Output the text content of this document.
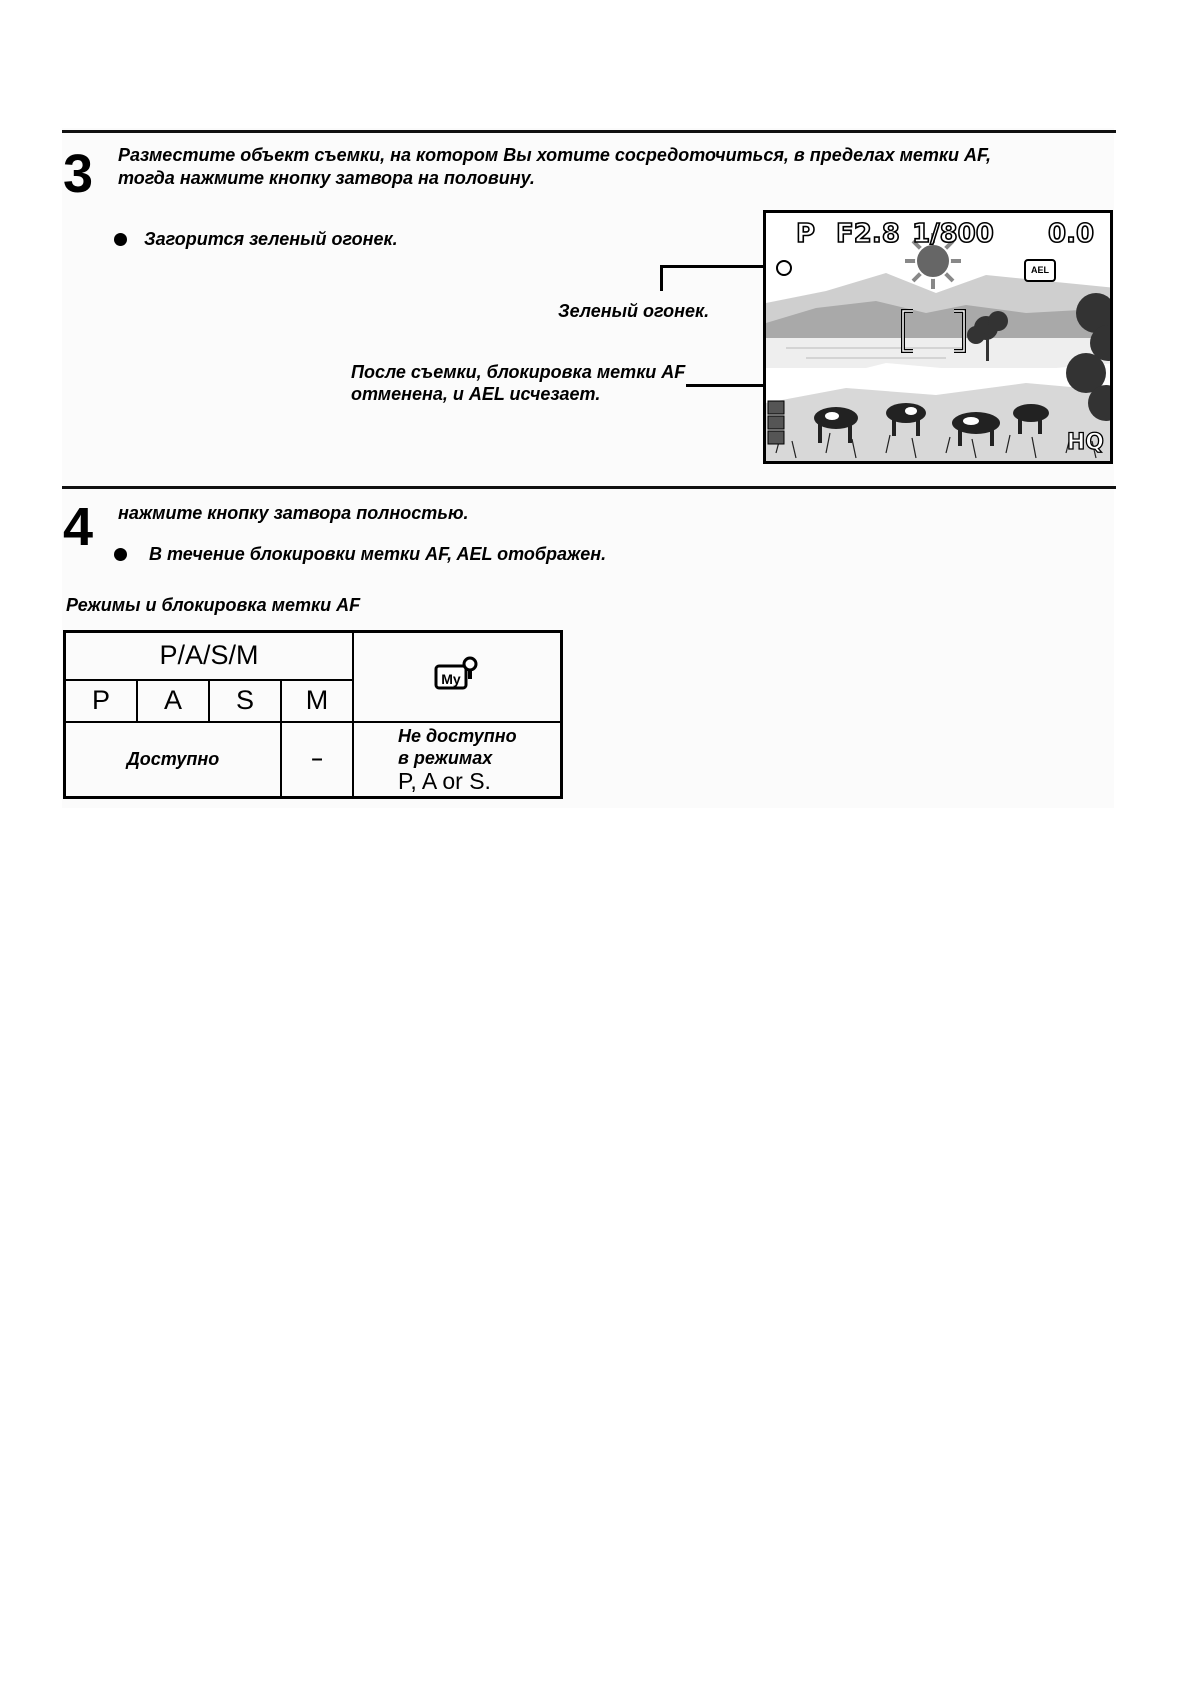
3 Разместите объект съемки, на котором Вы хотите сосредоточиться, в пределах метки AF,
тогда нажмите кнопку затвора на половину.
Загорится зеленый огонек.
Зеленый огонек.
После съемки, блокировка метки AF
отменена, и AEL исчезает.
P F2.8 1/800 0.0
AEL
HQ
4 нажмите кнопку затвора полностью.
В течение блокировки метки AF, AEL отображен.
Режимы и блокировка метки AF
P/A/S/M				My

P	A	S	M	
Доступно			–	Не доступно
в режимах
P, A or S.
